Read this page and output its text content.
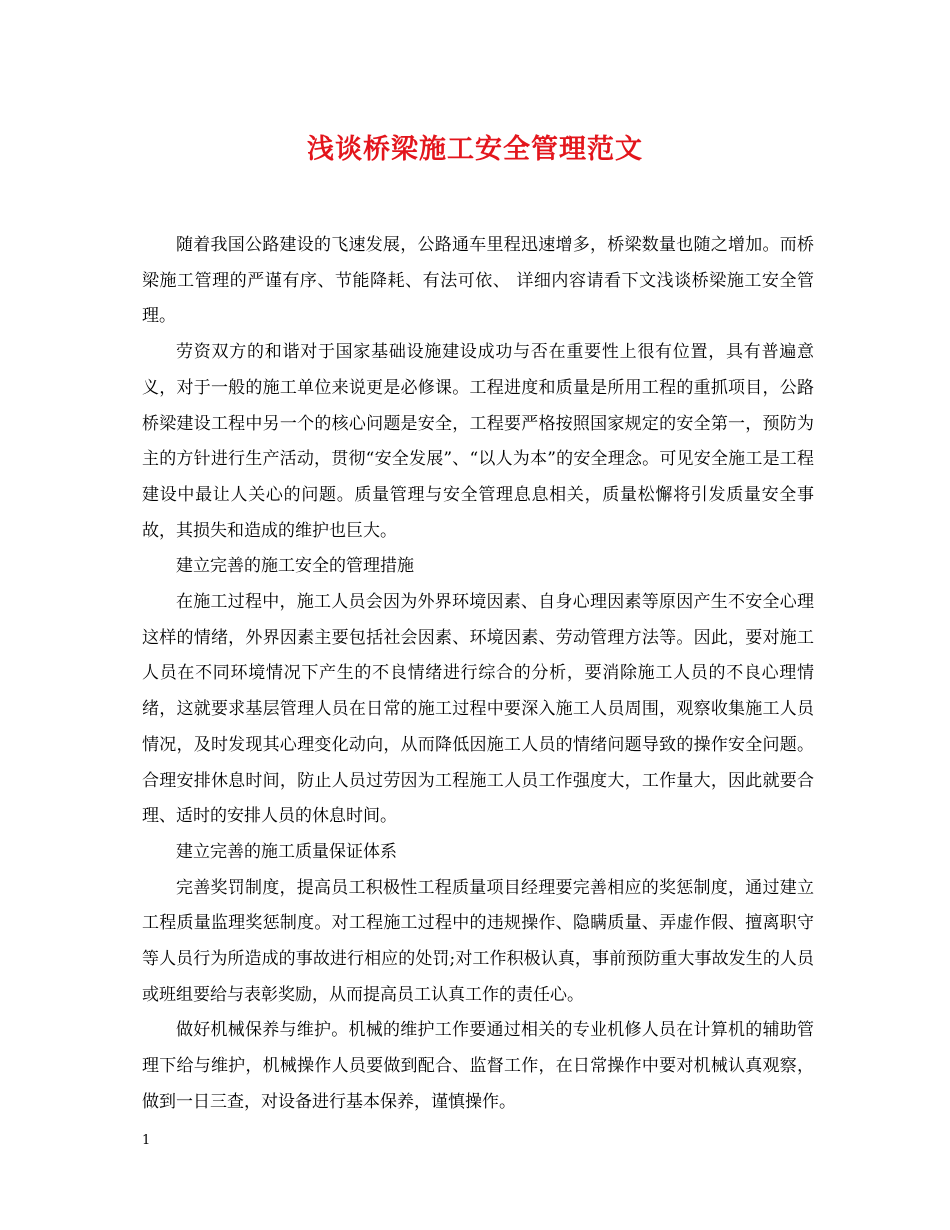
浅谈桥梁施工安全管理范文

随着我国公路建设的飞速发展，公路通车里程迅速增多，桥梁数量也随之增加。而桥梁施工管理的严谨有序、节能降耗、有法可依、 详细内容请看下文浅谈桥梁施工安全管理。

劳资双方的和谐对于国家基础设施建设成功与否在重要性上很有位置，具有普遍意义，对于一般的施工单位来说更是必修课。工程进度和质量是所用工程的重抓项目，公路桥梁建设工程中另一个的核心问题是安全，工程要严格按照国家规定的安全第一，预防为主的方针进行生产活动，贯彻“安全发展”、“以人为本”的安全理念。可见安全施工是工程建设中最让人关心的问题。质量管理与安全管理息息相关，质量松懈将引发质量安全事故，其损失和造成的维护也巨大。

建立完善的施工安全的管理措施

在施工过程中，施工人员会因为外界环境因素、自身心理因素等原因产生不安全心理这样的情绪，外界因素主要包括社会因素、环境因素、劳动管理方法等。因此，要对施工人员在不同环境情况下产生的不良情绪进行综合的分析，要消除施工人员的不良心理情绪，这就要求基层管理人员在日常的施工过程中要深入施工人员周围，观察收集施工人员情况，及时发现其心理变化动向，从而降低因施工人员的情绪问题导致的操作安全问题。合理安排休息时间，防止人员过劳因为工程施工人员工作强度大，工作量大，因此就要合理、适时的安排人员的休息时间。

建立完善的施工质量保证体系

完善奖罚制度，提高员工积极性工程质量项目经理要完善相应的奖惩制度，通过建立工程质量监理奖惩制度。对工程施工过程中的违规操作、隐瞒质量、弄虚作假、擅离职守等人员行为所造成的事故进行相应的处罚;对工作积极认真，事前预防重大事故发生的人员或班组要给与表彰奖励，从而提高员工认真工作的责任心。

做好机械保养与维护。机械的维护工作要通过相关的专业机修人员在计算机的辅助管理下给与维护，机械操作人员要做到配合、监督工作，在日常操作中要对机械认真观察，做到一日三查，对设备进行基本保养，谨慎操作。

1
